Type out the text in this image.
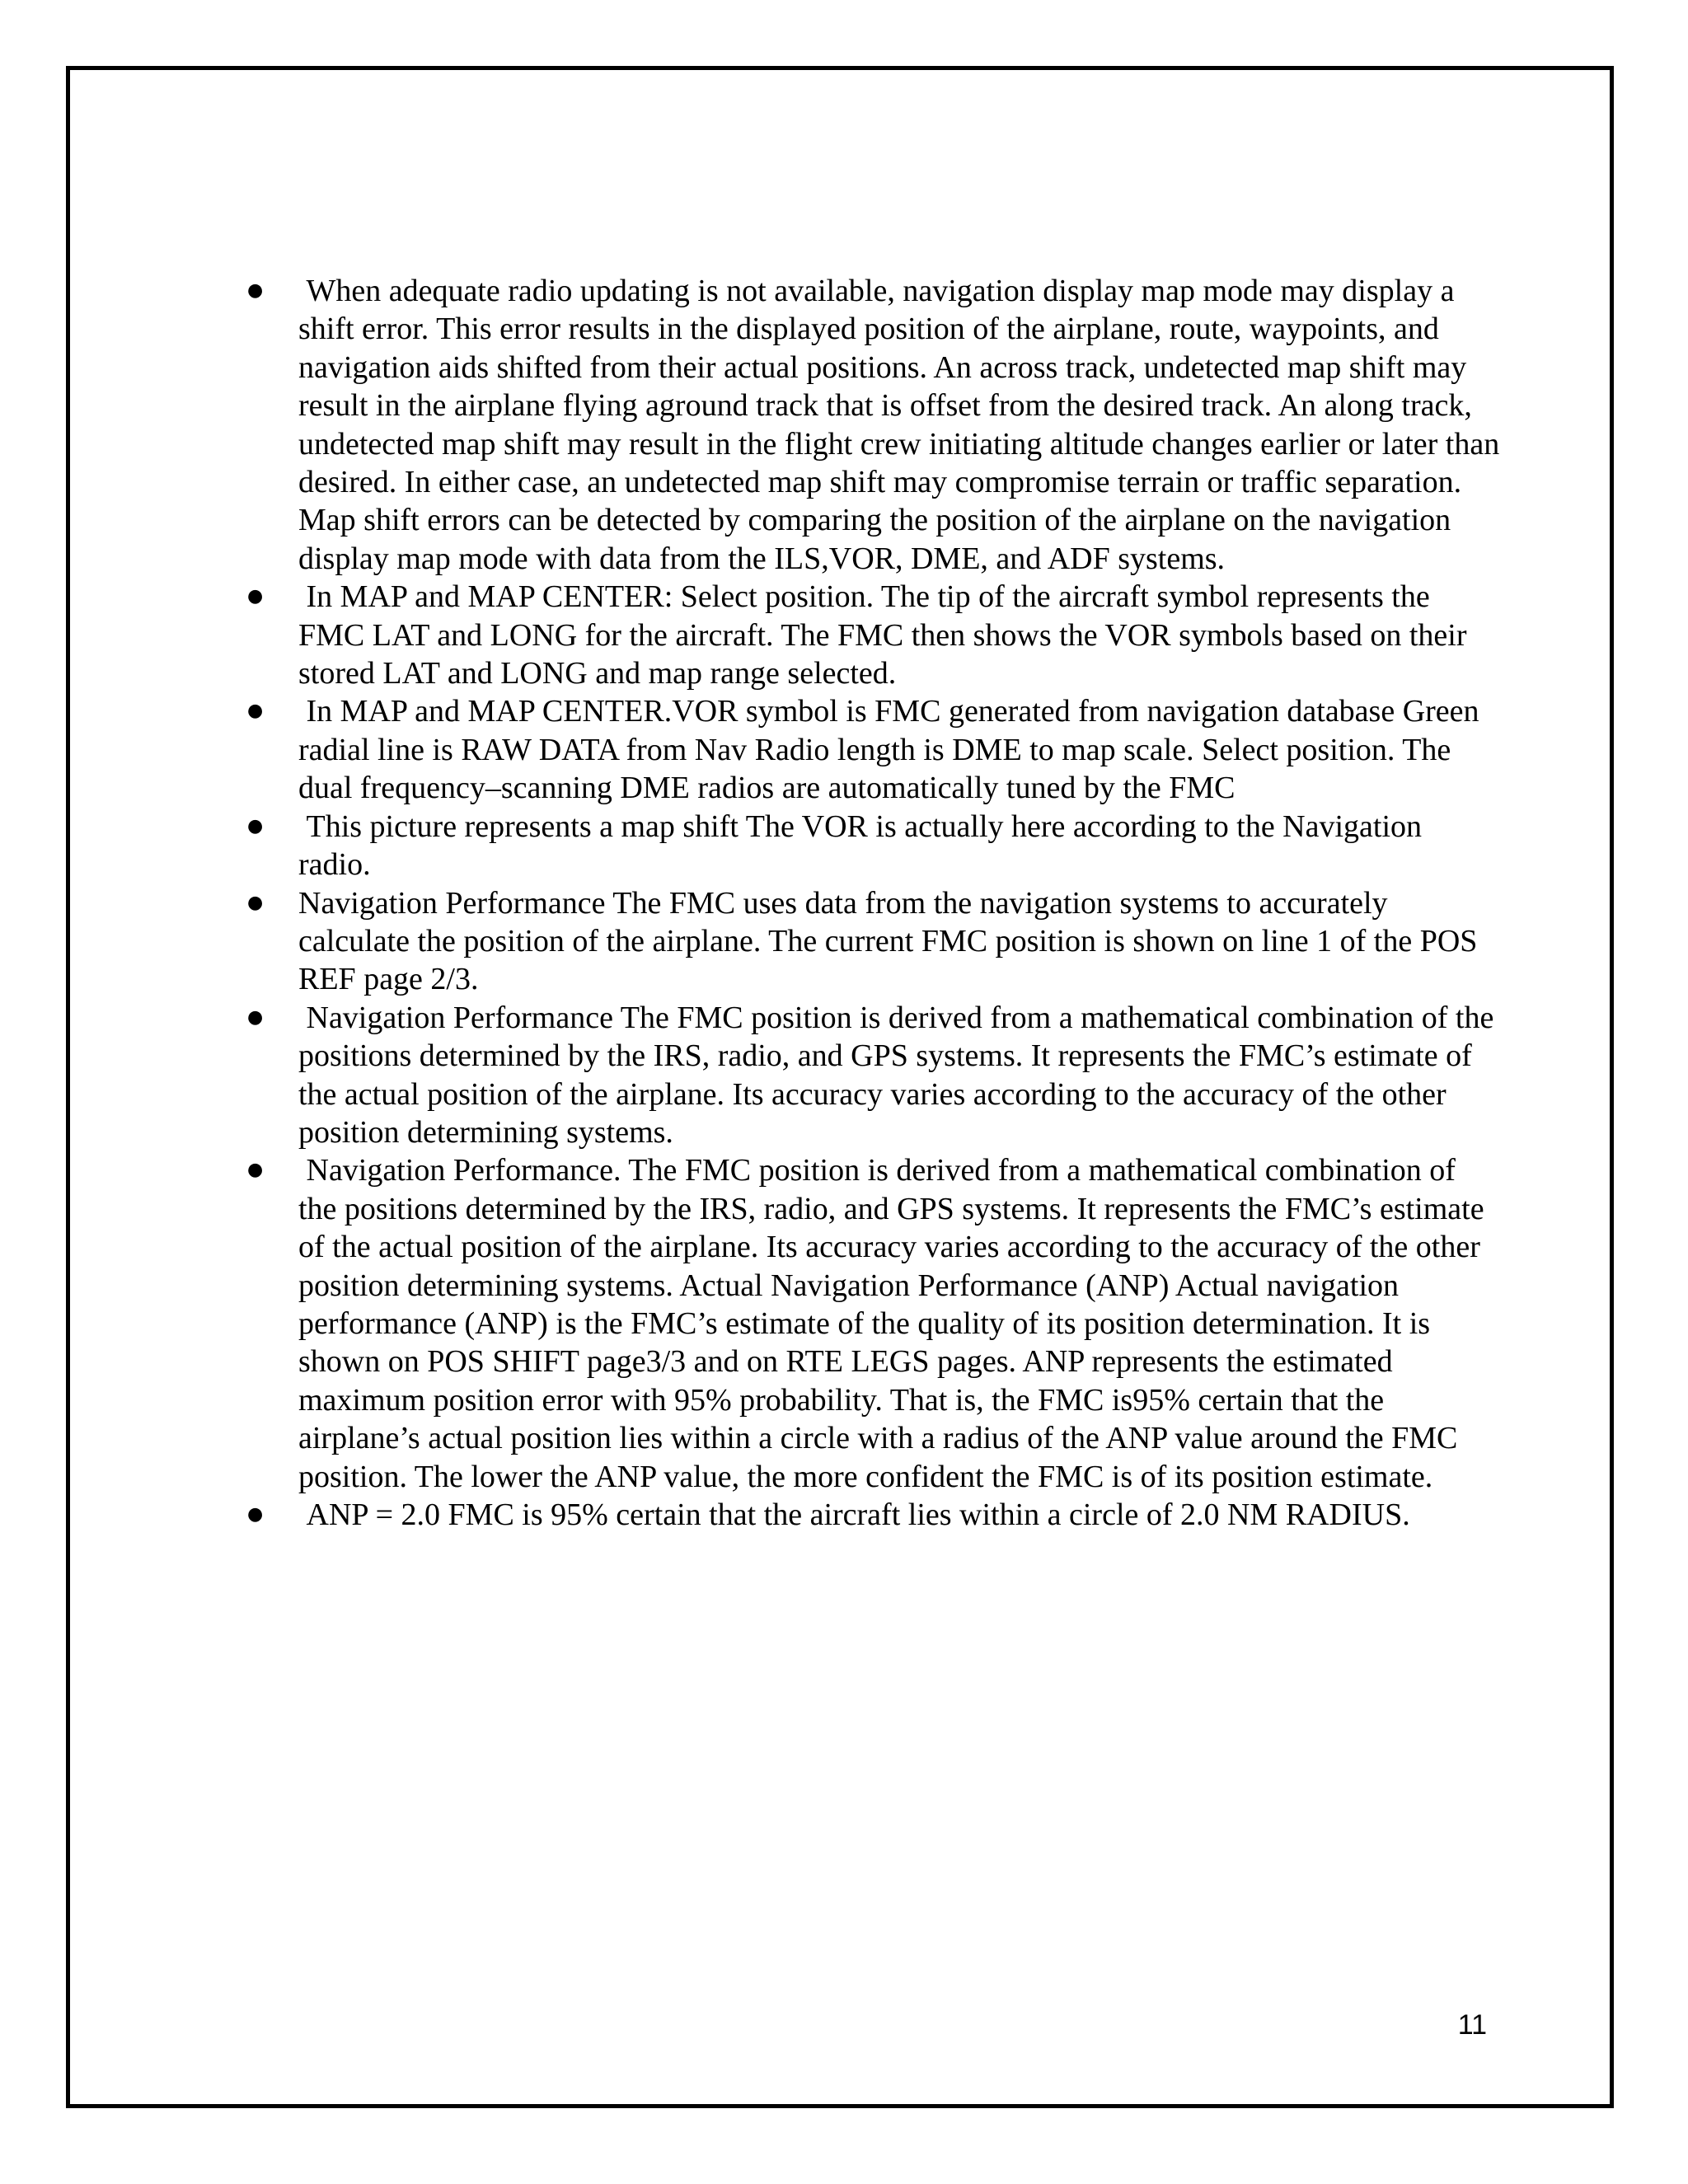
● When adequate radio updating is not available, navigation display map mode may display a shift error. This error results in the displayed position of the airplane, route, waypoints, and navigation aids shifted from their actual positions. An across track, undetected map shift may result in the airplane flying aground track that is offset from the desired track. An along track, undetected map shift may result in the flight crew initiating altitude changes earlier or later than desired. In either case, an undetected map shift may compromise terrain or traffic separation. Map shift errors can be detected by comparing the position of the airplane on the navigation display map mode with data from the ILS,VOR, DME, and ADF systems.
● In MAP and MAP CENTER: Select position. The tip of the aircraft symbol represents the FMC LAT and LONG for the aircraft. The FMC then shows the VOR symbols based on their stored LAT and LONG and map range selected.
● In MAP and MAP CENTER.VOR symbol is FMC generated from navigation database Green radial line is RAW DATA from Nav Radio length is DME to map scale. Select position. The dual frequency–scanning DME radios are automatically tuned by the FMC
● This picture represents a map shift The VOR is actually here according to the Navigation radio.
● Navigation Performance The FMC uses data from the navigation systems to accurately calculate the position of the airplane. The current FMC position is shown on line 1 of the POS REF page 2/3.
● Navigation Performance The FMC position is derived from a mathematical combination of the positions determined by the IRS, radio, and GPS systems. It represents the FMC’s estimate of the actual position of the airplane. Its accuracy varies according to the accuracy of the other position determining systems.
● Navigation Performance. The FMC position is derived from a mathematical combination of the positions determined by the IRS, radio, and GPS systems. It represents the FMC’s estimate of the actual position of the airplane. Its accuracy varies according to the accuracy of the other position determining systems. Actual Navigation Performance (ANP) Actual navigation performance (ANP) is the FMC’s estimate of the quality of its position determination. It is shown on POS SHIFT page3/3 and on RTE LEGS pages. ANP represents the estimated maximum position error with 95% probability. That is, the FMC is95% certain that the airplane’s actual position lies within a circle with a radius of the ANP value around the FMC position. The lower the ANP value, the more confident the FMC is of its position estimate.
● ANP = 2.0 FMC is 95% certain that the aircraft lies within a circle of 2.0 NM RADIUS.
11
